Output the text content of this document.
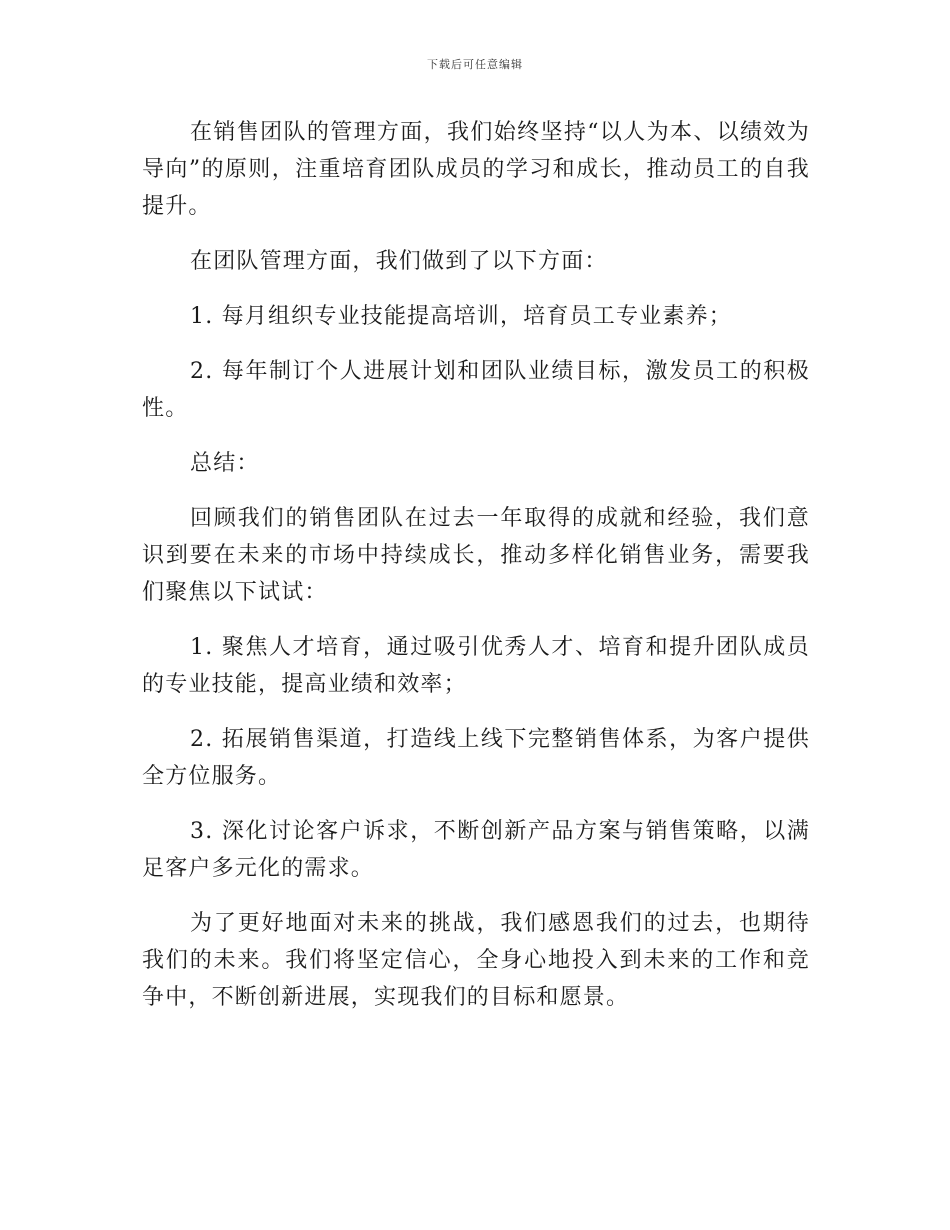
下载后可任意编辑

在销售团队的管理方面，我们始终坚持“以人为本、以绩效为导向”的原则，注重培育团队成员的学习和成长，推动员工的自我提升。

在团队管理方面，我们做到了以下方面：

1. 每月组织专业技能提高培训，培育员工专业素养；

2. 每年制订个人进展计划和团队业绩目标，激发员工的积极性。

总结：

回顾我们的销售团队在过去一年取得的成就和经验，我们意识到要在未来的市场中持续成长，推动多样化销售业务，需要我们聚焦以下试试：

1. 聚焦人才培育，通过吸引优秀人才、培育和提升团队成员的专业技能，提高业绩和效率；

2. 拓展销售渠道，打造线上线下完整销售体系，为客户提供全方位服务。

3. 深化讨论客户诉求，不断创新产品方案与销售策略，以满足客户多元化的需求。

为了更好地面对未来的挑战，我们感恩我们的过去，也期待我们的未来。我们将坚定信心，全身心地投入到未来的工作和竞争中，不断创新进展，实现我们的目标和愿景。
